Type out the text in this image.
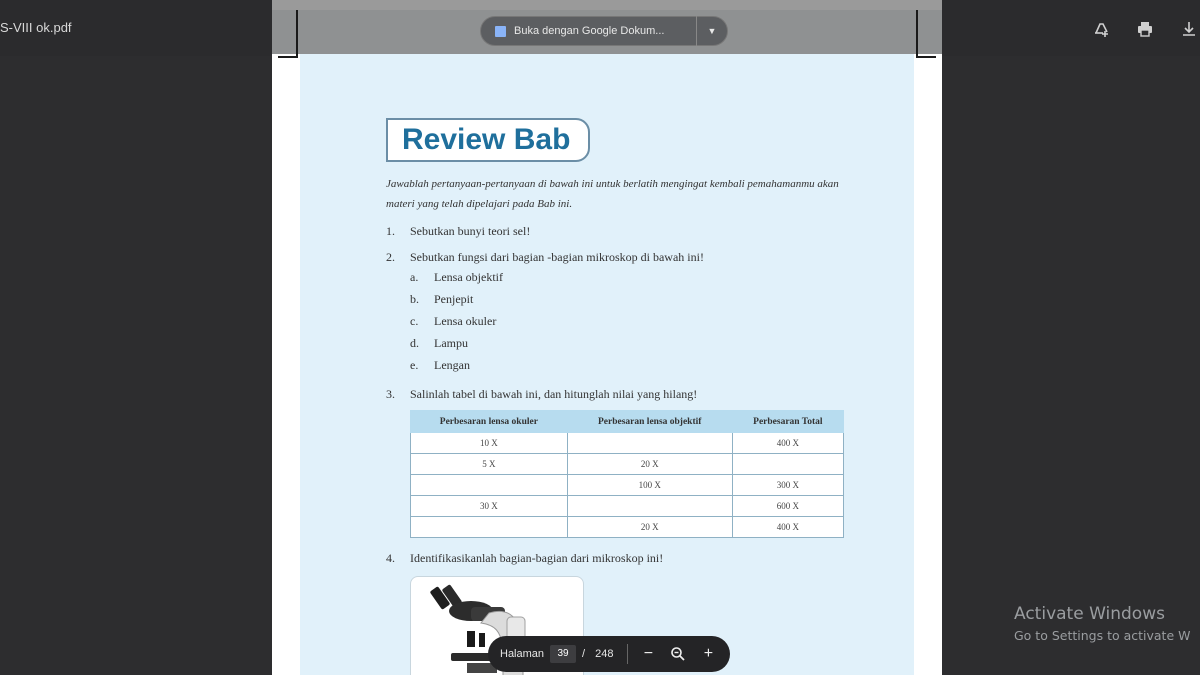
S-VIII ok.pdf
Review Bab
Jawablah pertanyaan-pertanyaan di bawah ini untuk berlatih mengingat kembali pemahamanmu akan materi yang telah dipelajari pada Bab ini.
1. Sebutkan bunyi teori sel!
2. Sebutkan fungsi dari bagian -bagian mikroskop di bawah ini!
a. Lensa objektif
b. Penjepit
c. Lensa okuler
d. Lampu
e. Lengan
3. Salinlah tabel di bawah ini, dan hitunglah nilai yang hilang!
Perbesaran lensa okuler	Perbesaran lensa objektif	Perbesaran Total
10 X		400 X
5 X	20 X	
	100 X	300 X
30 X		600 X
	20 X	400 X
4. Identifikasikanlah bagian-bagian dari mikroskop ini!
Buka dengan Google Dokum...	▼
Halaman	39	/ 248	−	+
Activate Windows
Go to Settings to activate W
